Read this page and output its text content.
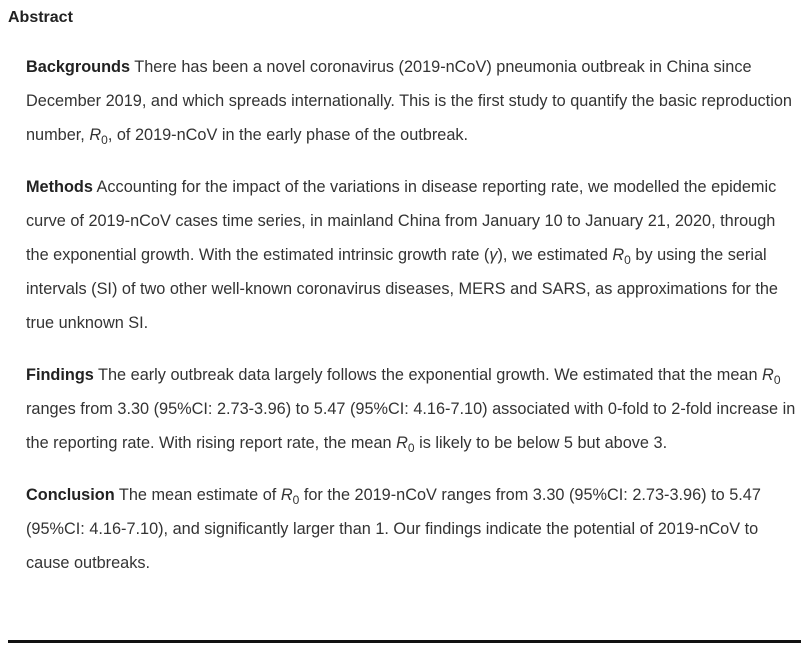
Abstract

Backgrounds There has been a novel coronavirus (2019-nCoV) pneumonia outbreak in China since December 2019, and which spreads internationally. This is the first study to quantify the basic reproduction number, $R_0$, of 2019-nCoV in the early phase of the outbreak.

Methods Accounting for the impact of the variations in disease reporting rate, we modelled the epidemic curve of 2019-nCoV cases time series, in mainland China from January 10 to January 21, 2020, through the exponential growth. With the estimated intrinsic growth rate (γ), we estimated $R_0$ by using the serial intervals (SI) of two other well-known coronavirus diseases, MERS and SARS, as approximations for the true unknown SI.

Findings The early outbreak data largely follows the exponential growth. We estimated that the mean $R_0$ ranges from 3.30 (95%CI: 2.73-3.96) to 5.47 (95%CI: 4.16-7.10) associated with 0-fold to 2-fold increase in the reporting rate. With rising report rate, the mean $R_0$ is likely to be below 5 but above 3.

Conclusion The mean estimate of $R_0$ for the 2019-nCoV ranges from 3.30 (95%CI: 2.73-3.96) to 5.47 (95%CI: 4.16-7.10), and significantly larger than 1. Our findings indicate the potential of 2019-nCoV to cause outbreaks.
